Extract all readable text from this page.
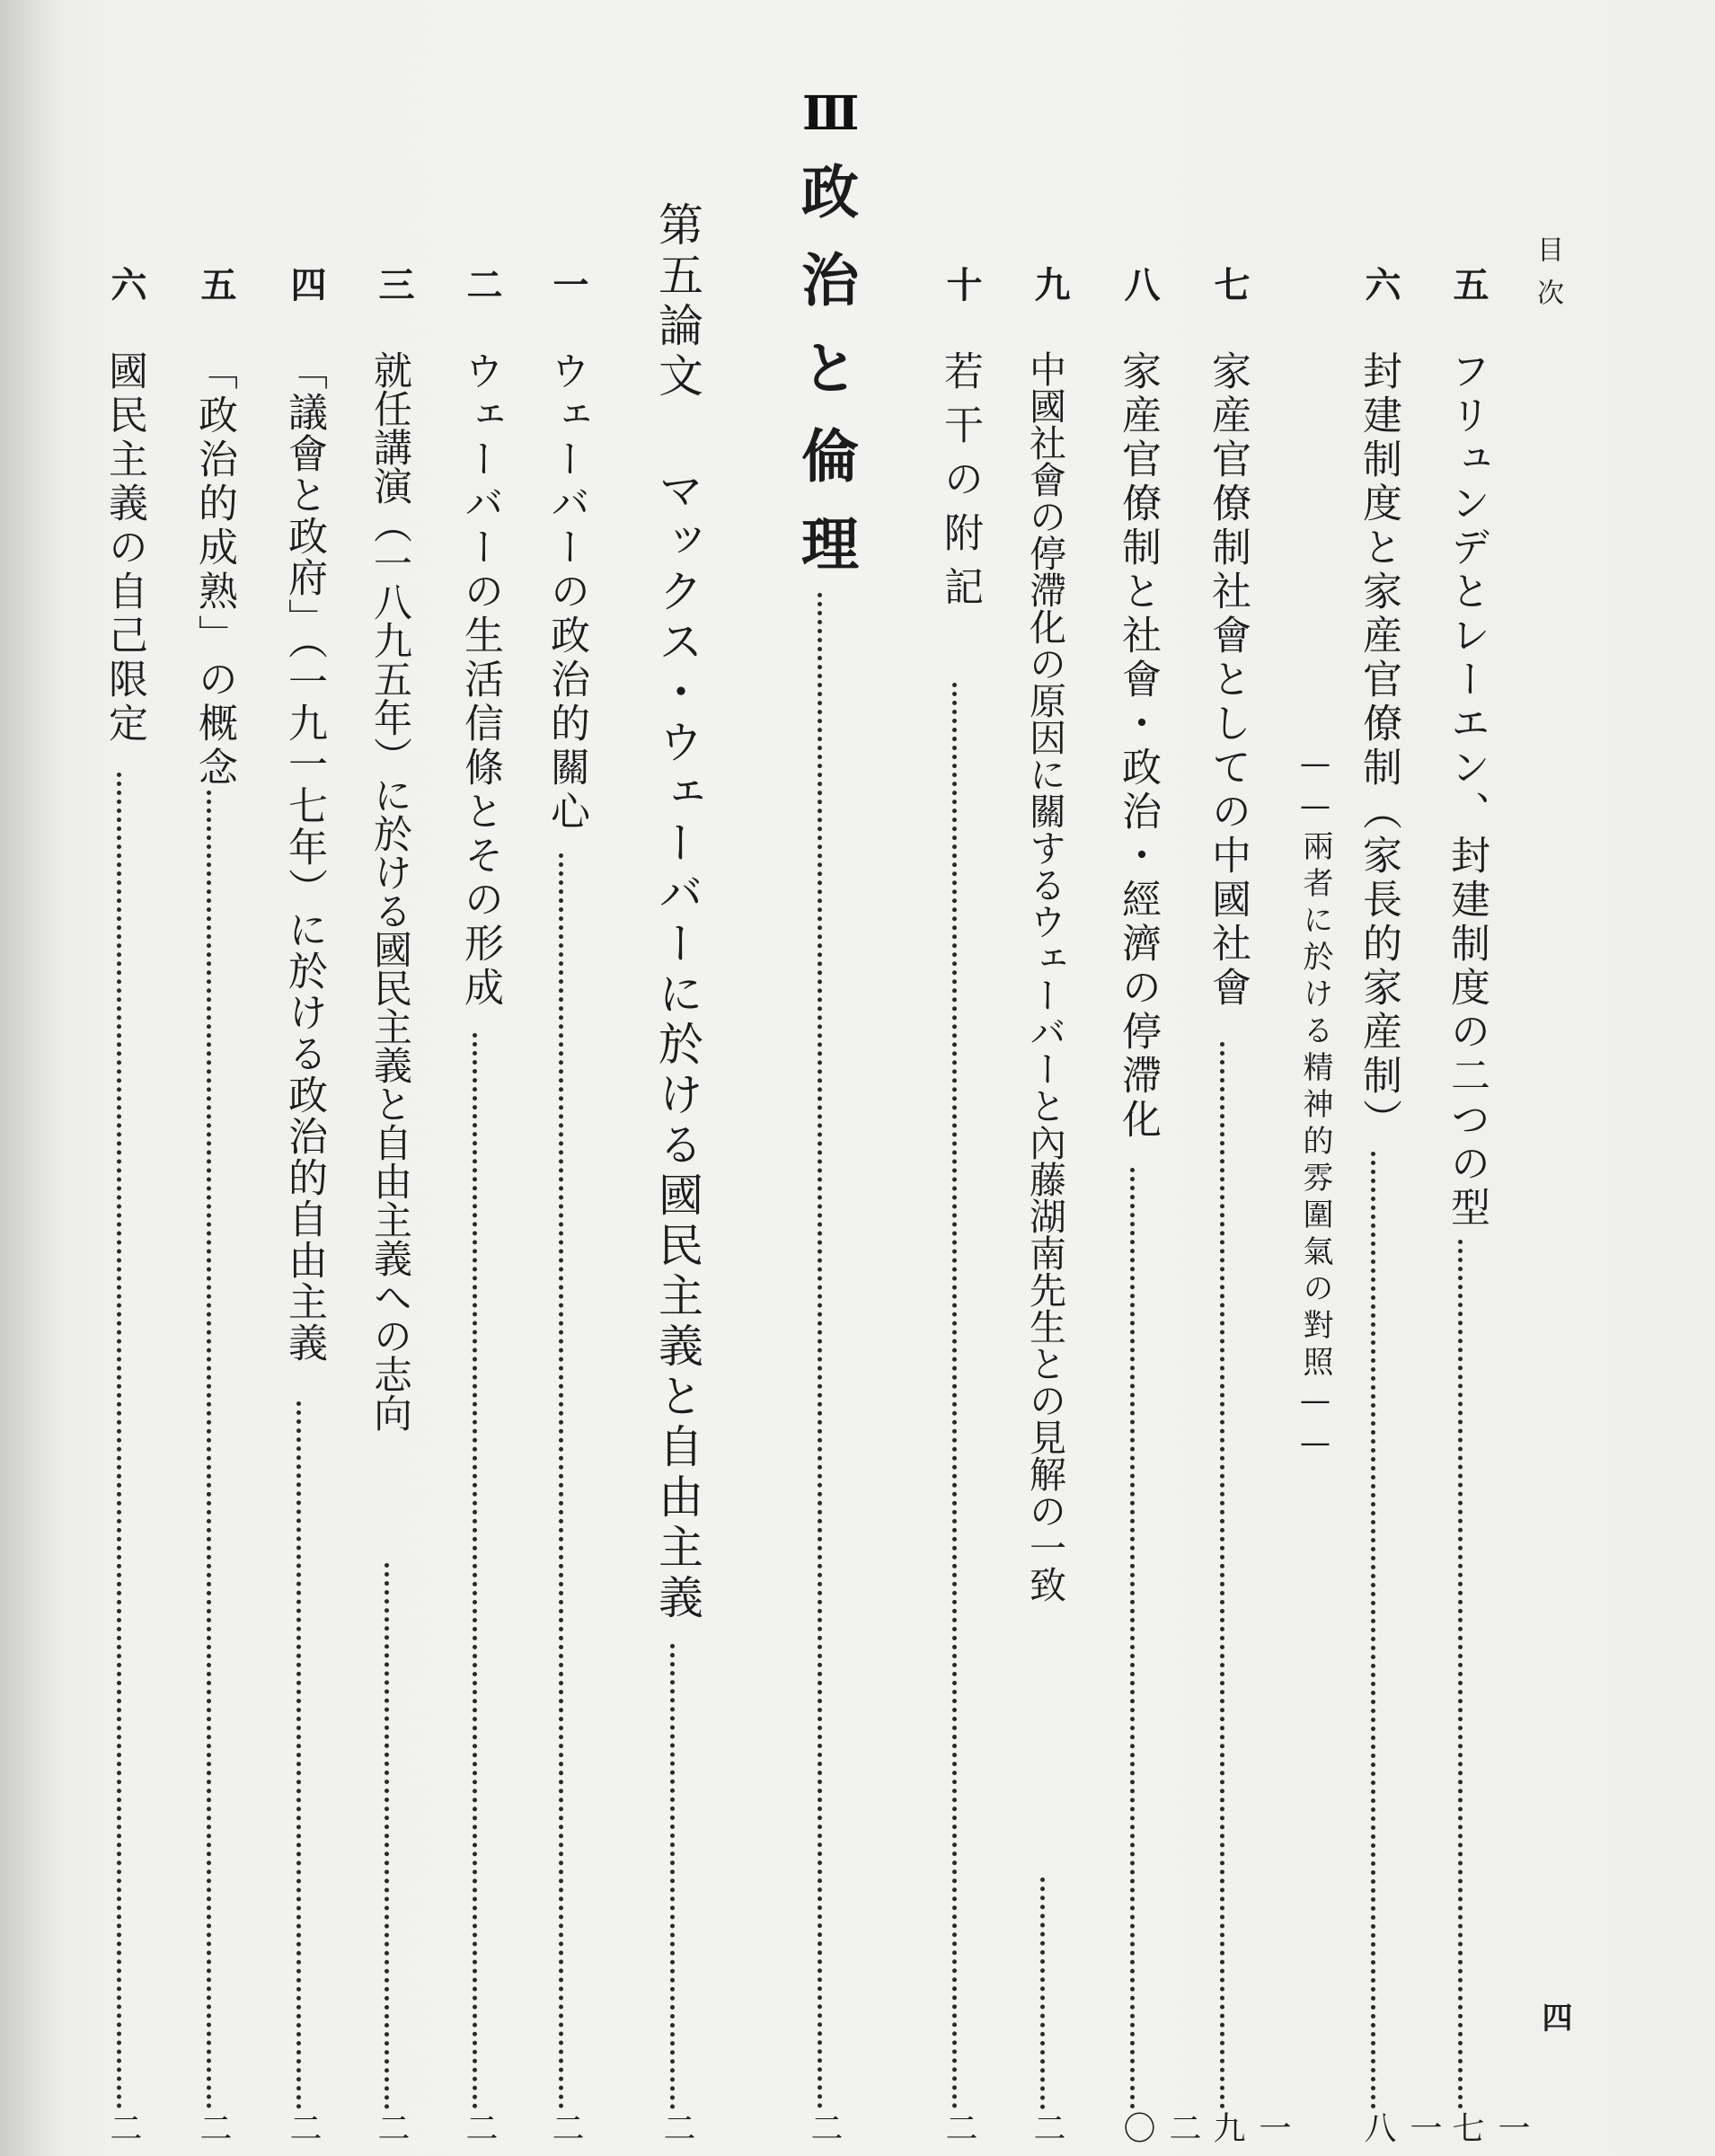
目次
四
五
フリュンデとレーエン、封建制度の二つの型
一七
六
封建制度と家産官僚制（家長的家産制）
一八
——兩者に於ける精神的雰圍氣の對照——
七
家産官僚制社會としての中國社會
一九
八
家産官僚制と社會・政治・經濟の停滯化
二〇
九
中國社會の停滯化の原因に關するウェーバーと內藤湖南先生との見解の一致
二
十
若干の附記
二
Ⅲ
政治と倫理
二
第五論文
マックス・ウェーバーに於ける國民主義と自由主義
二
一
ウェーバーの政治的關心
二
二
ウェーバーの生活信條とその形成
二
三
就任講演（一八九五年）に於ける國民主義と自由主義への志向
二
四
「議會と政府」（一九一七年）に於ける政治的自由主義
二
五
「政治的成熟」の概念
二
六
國民主義の自己限定
二
